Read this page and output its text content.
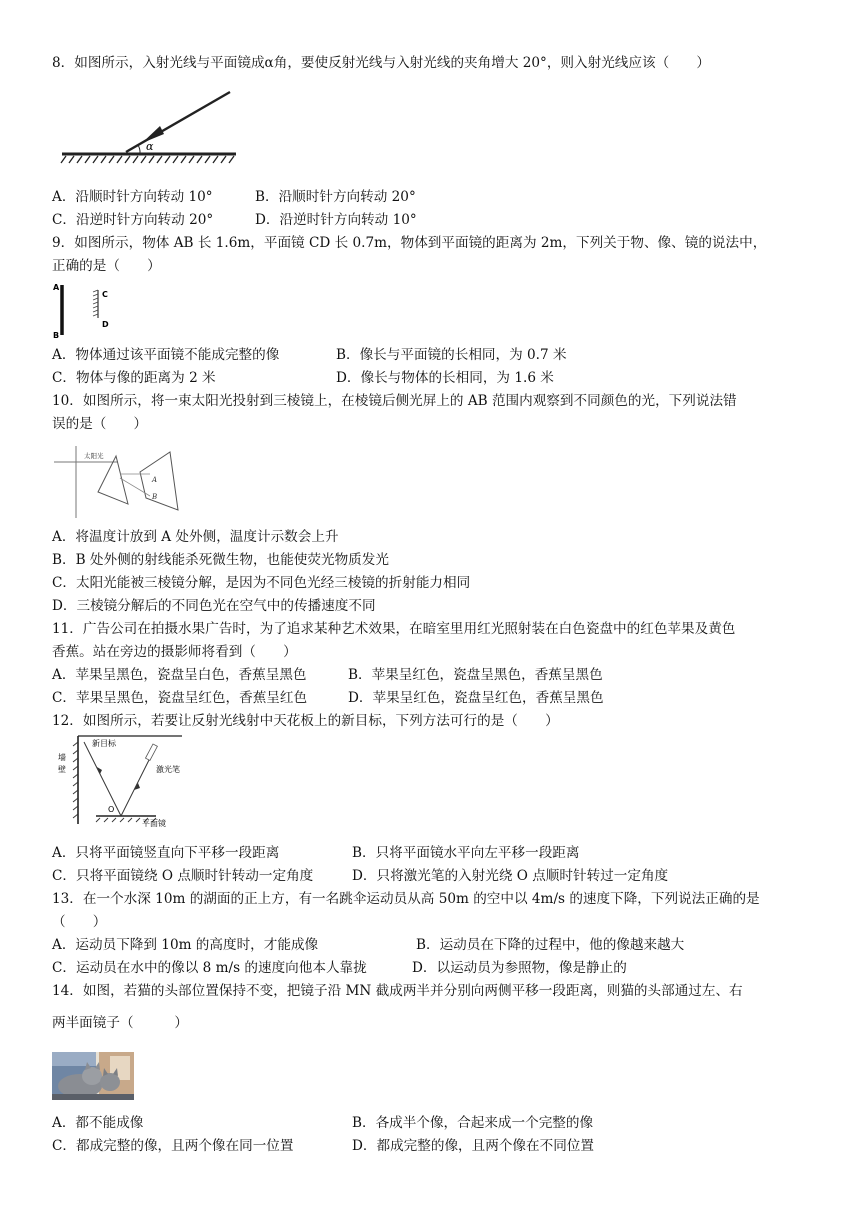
8．如图所示，入射光线与平面镜成α角，要使反射光线与入射光线的夹角增大 20°，则入射光线应该（　　）
α
A．沿顺时针方向转动 10°	B．沿顺时针方向转动 20°
C．沿逆时针方向转动 20°	D．沿逆时针方向转动 10°
9．如图所示，物体 AB 长 1.6m，平面镜 CD 长 0.7m，物体到平面镜的距离为 2m，下列关于物、像、镜的说法中，
正确的是（　　）
A
B
C
D
A．物体通过该平面镜不能成完整的像	B．像长与平面镜的长相同，为 0.7 米
C．物体与像的距离为 2 米	D．像长与物体的长相同，为 1.6 米
10．如图所示，将一束太阳光投射到三棱镜上，在棱镜后侧光屏上的 AB 范围内观察到不同颜色的光，下列说法错
误的是（　　）
太阳光
A
B
A．将温度计放到 A 处外侧，温度计示数会上升
B．B 处外侧的射线能杀死微生物，也能使荧光物质发光
C．太阳光能被三棱镜分解，是因为不同色光经三棱镜的折射能力相同
D．三棱镜分解后的不同色光在空气中的传播速度不同
11．广告公司在拍摄水果广告时，为了追求某种艺术效果，在暗室里用红光照射装在白色瓷盘中的红色苹果及黄色
香蕉。站在旁边的摄影师将看到（　　）
A．苹果呈黑色，瓷盘呈白色，香蕉呈黑色	B．苹果呈红色，瓷盘呈黑色，香蕉呈黑色
C．苹果呈黑色，瓷盘呈红色，香蕉呈红色	D．苹果呈红色，瓷盘呈红色，香蕉呈黑色
12．如图所示，若要让反射光线射中天花板上的新目标，下列方法可行的是（　　）
新目标
墙
壁	激光笔
O
平面镜
A．只将平面镜竖直向下平移一段距离	B．只将平面镜水平向左平移一段距离
C．只将平面镜绕 O 点顺时针转动一定角度	D．只将激光笔的入射光绕 O 点顺时针转过一定角度
13．在一个水深 10m 的湖面的正上方，有一名跳伞运动员从高 50m 的空中以 4m/s 的速度下降，下列说法正确的是
（　　）
A．运动员下降到 10m 的高度时，才能成像	B．运动员在下降的过程中，他的像越来越大
C．运动员在水中的像以 8 m/s 的速度向他本人靠拢	D．以运动员为参照物，像是静止的
14．如图，若猫的头部位置保持不变，把镜子沿 MN 截成两半并分别向两侧平移一段距离，则猫的头部通过左、右
两半面镜子（　　　）
A．都不能成像	B．各成半个像，合起来成一个完整的像
C．都成完整的像，且两个像在同一位置	D．都成完整的像，且两个像在不同位置
